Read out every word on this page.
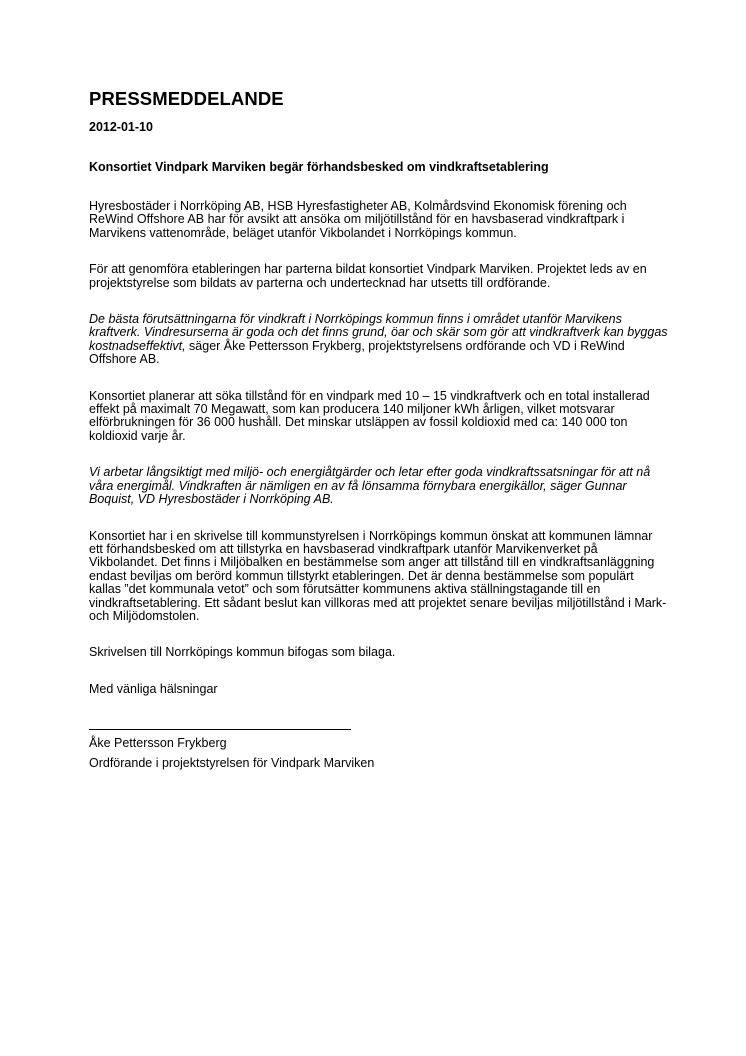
PRESSMEDDELANDE
2012-01-10
Konsortiet Vindpark Marviken begär förhandsbesked om vindkraftsetablering

Hyresbostäder i Norrköping AB, HSB Hyresfastigheter AB, Kolmårdsvind Ekonomisk förening och ReWind Offshore AB har för avsikt att ansöka om miljötillstånd för en havsbaserad vindkraftpark i Marvikens vattenområde, beläget utanför Vikbolandet i Norrköpings kommun.

För att genomföra etableringen har parterna bildat konsortiet Vindpark Marviken. Projektet leds av en projektstyrelse som bildats av parterna och undertecknad har utsetts till ordförande.

De bästa förutsättningarna för vindkraft i Norrköpings kommun finns i området utanför Marvikens kraftverk. Vindresurserna är goda och det finns grund, öar och skär som gör att vindkraftverk kan byggas kostnadseffektivt, säger Åke Pettersson Frykberg, projektstyrelsens ordförande och VD i ReWind Offshore AB.

Konsortiet planerar att söka tillstånd för en vindpark med 10 – 15 vindkraftverk och en total installerad effekt på maximalt 70 Megawatt, som kan producera 140 miljoner kWh årligen, vilket motsvarar elförbrukningen för 36 000 hushåll. Det minskar utsläppen av fossil koldioxid med ca: 140 000 ton koldioxid varje år.

Vi arbetar långsiktigt med miljö- och energiåtgärder och letar efter goda vindkraftssatsningar för att nå våra energimål. Vindkraften är nämligen en av få lönsamma förnybara energikällor, säger Gunnar Boquist, VD Hyresbostäder i Norrköping AB.

Konsortiet har i en skrivelse till kommunstyrelsen i Norrköpings kommun önskat att kommunen lämnar ett förhandsbesked om att tillstyrka en havsbaserad vindkraftpark utanför Marvikenverket på Vikbolandet. Det finns i Miljöbalken en bestämmelse som anger att tillstånd till en vindkraftsanläggning endast beviljas om berörd kommun tillstyrkt etableringen. Det är denna bestämmelse som populärt kallas ”det kommunala vetot” och som förutsätter kommunens aktiva ställningstagande till en vindkraftsetablering. Ett sådant beslut kan villkoras med att projektet senare beviljas miljötillstånd i Mark- och Miljödomstolen.

Skrivelsen till Norrköpings kommun bifogas som bilaga.

Med vänliga hälsningar

Åke Pettersson Frykberg

Ordförande i projektstyrelsen för Vindpark Marviken
